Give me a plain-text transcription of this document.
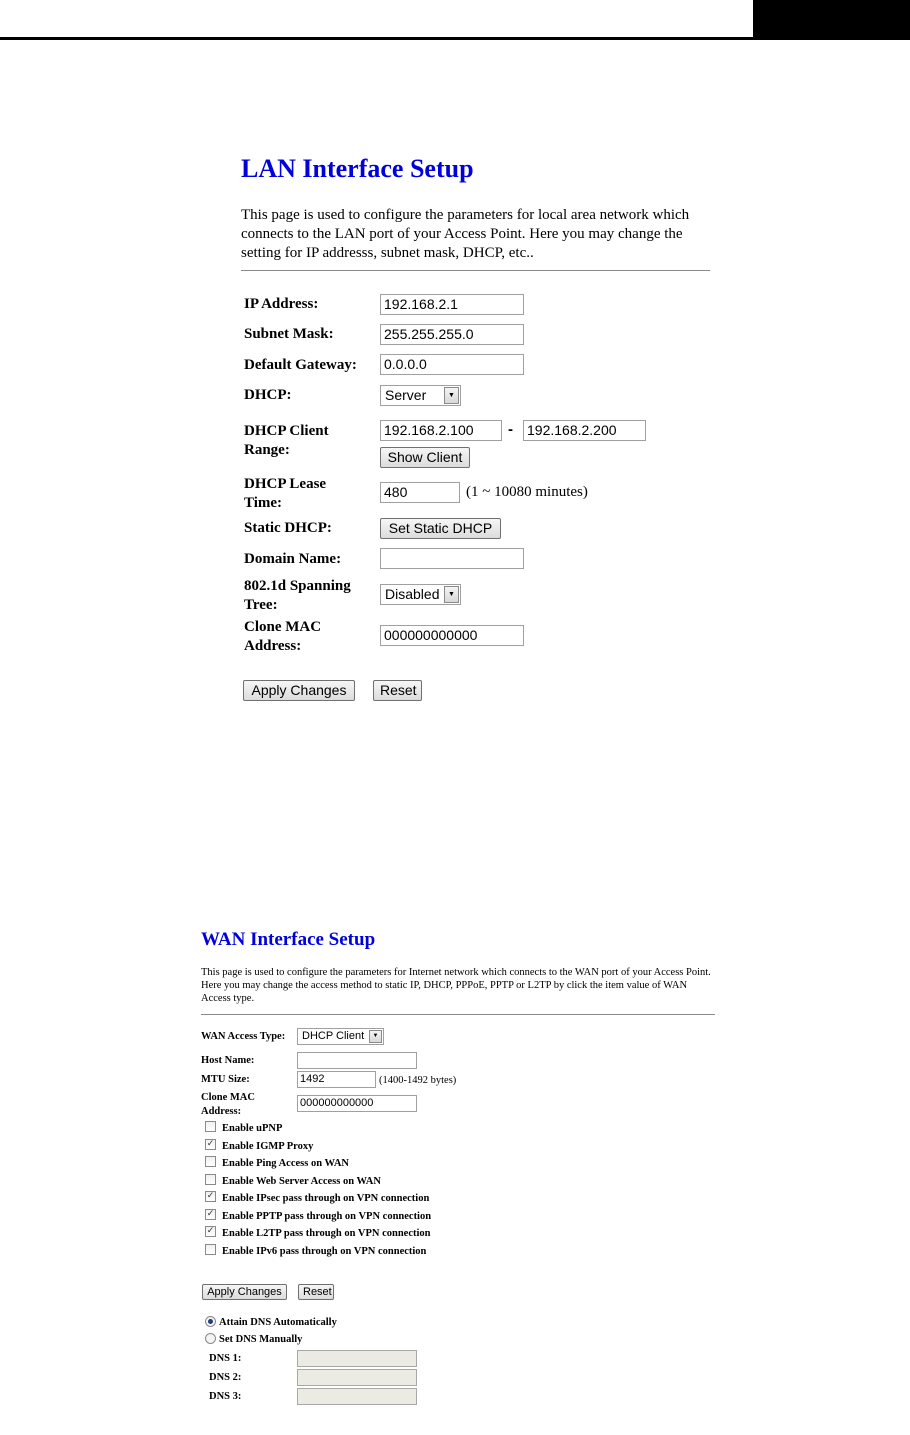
LAN Interface Setup
This page is used to configure the parameters for local area network which connects to the LAN port of your Access Point. Here you may change the setting for IP addresss, subnet mask, DHCP, etc..
IP Address:	192.168.2.1
Subnet Mask:	255.255.255.0
Default Gateway: 0.0.0.0
DHCP:	Server	▼
DHCP Client
Range:
192.168.2.100	- 192.168.2.200
Show Client
DHCP Lease
Time:
480	(1 ~ 10080 minutes)
Static DHCP:	Set Static DHCP
Domain Name:
802.1d Spanning
Tree:
Disabled	▼
Clone MAC
Address:
000000000000
Apply Changes	Reset
WAN Interface Setup
This page is used to configure the parameters for Internet network which connects to the WAN port of your Access Point. Here you may change the access method to static IP, DHCP, PPPoE, PPTP or L2TP by click the item value of WAN Access type.
WAN Access Type:	DHCP Client	▼
Host Name:
MTU Size:	1492	(1400-1492 bytes)
Clone MAC
Address:
000000000000
Enable uPNP
✓ Enable IGMP Proxy
Enable Ping Access on WAN
Enable Web Server Access on WAN
✓ Enable IPsec pass through on VPN connection
✓ Enable PPTP pass through on VPN connection
✓ Enable L2TP pass through on VPN connection
Enable IPv6 pass through on VPN connection
Apply Changes	Reset
Attain DNS Automatically
Set DNS Manually
DNS 1:
DNS 2:
DNS 3:
